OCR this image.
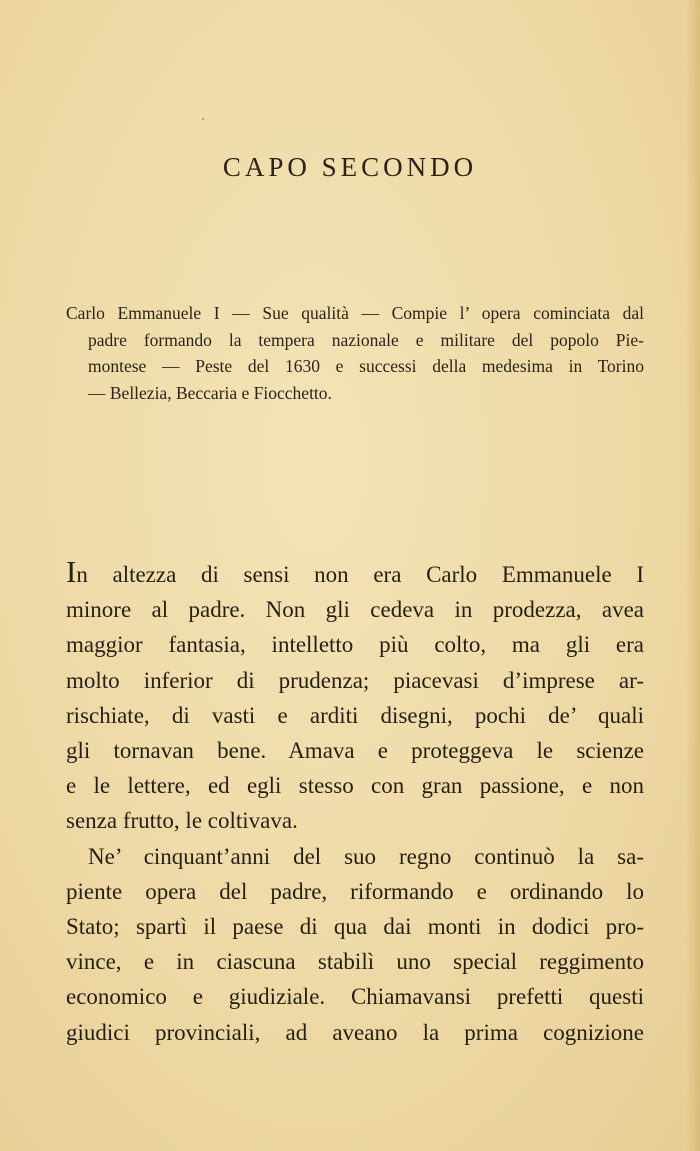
CAPO SECONDO
Carlo Emmanuele I — Sue qualità — Compie l’ opera cominciata dal
padre formando la tempera nazionale e militare del popolo Pie-
montese — Peste del 1630 e successi della medesima in Torino
— Bellezia, Beccaria e Fiocchetto.
In altezza di sensi non era Carlo Emmanuele I
minore al padre. Non gli cedeva in prodezza, avea
maggior fantasia, intelletto più colto, ma gli era
molto inferior di prudenza; piacevasi d’imprese ar-
rischiate, di vasti e arditi disegni, pochi de’ quali
gli tornavan bene. Amava e proteggeva le scienze
e le lettere, ed egli stesso con gran passione, e non
senza frutto, le coltivava.
Ne’ cinquant’anni del suo regno continuò la sa-
piente opera del padre, riformando e ordinando lo
Stato; spartì il paese di qua dai monti in dodici pro-
vince, e in ciascuna stabilì uno special reggimento
economico e giudiziale. Chiamavansi prefetti questi
giudici provinciali, ad aveano la prima cognizione
